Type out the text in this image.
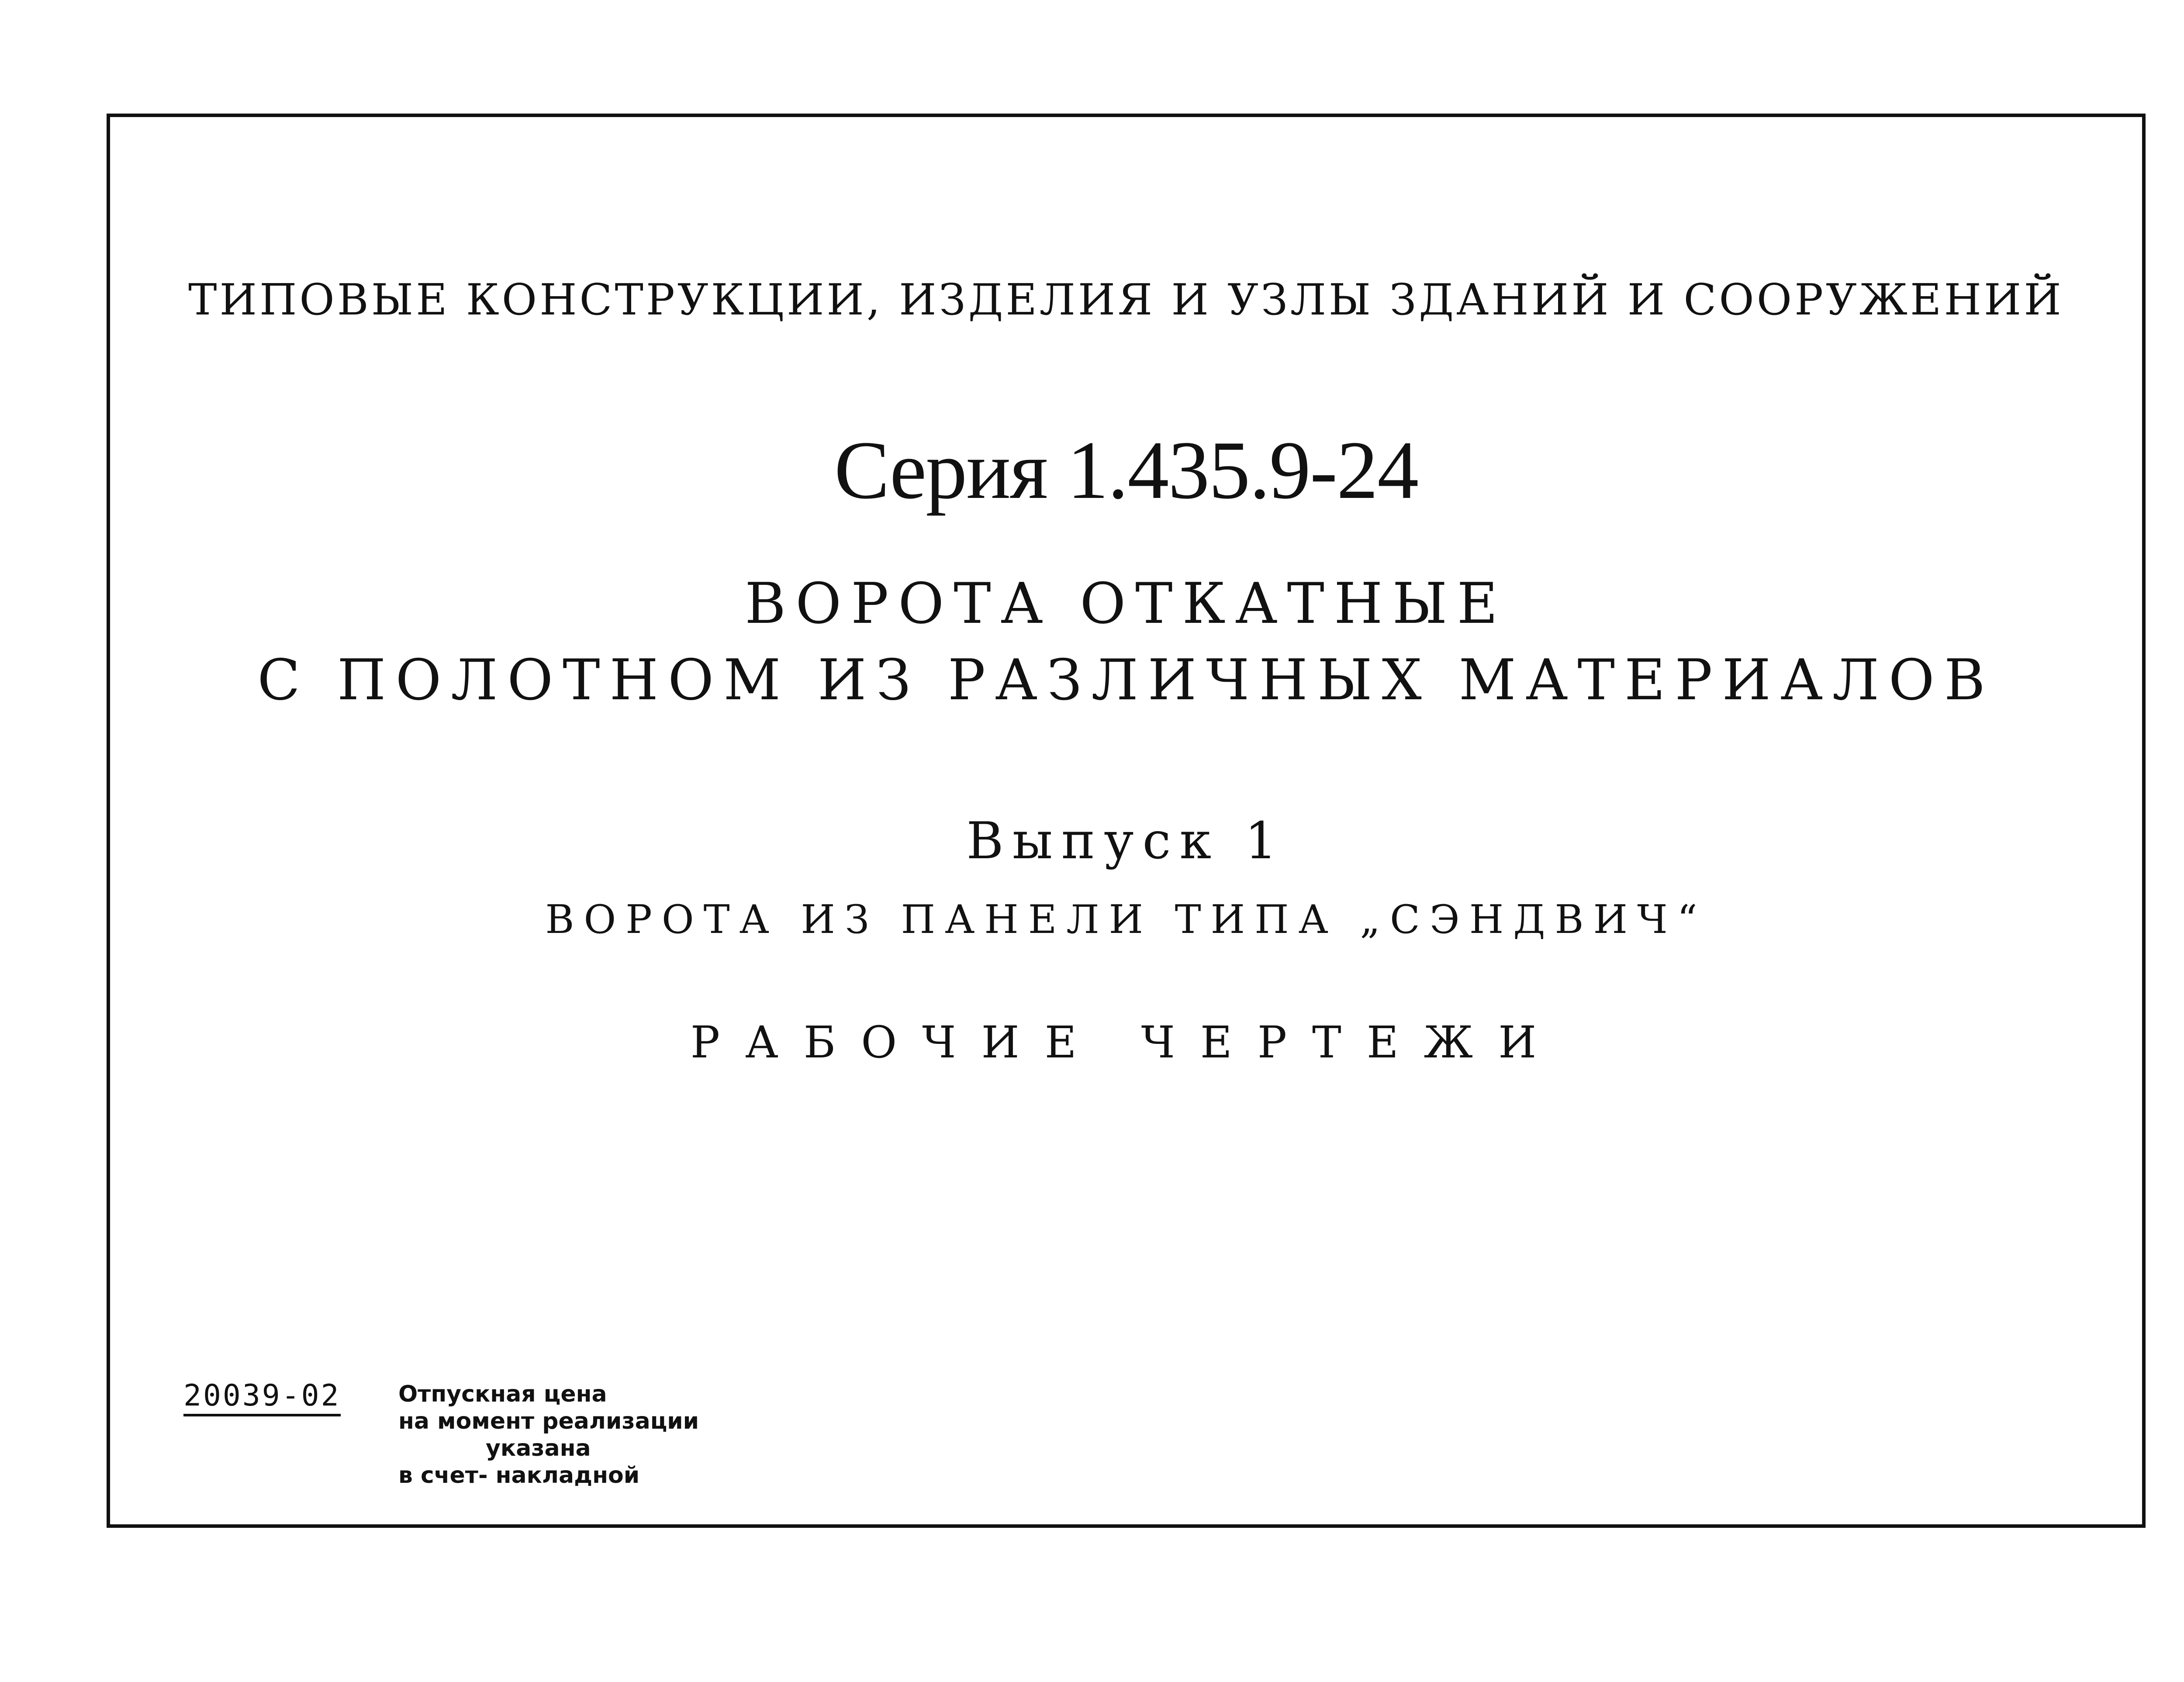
ТИПОВЫЕ КОНСТРУКЦИИ, ИЗДЕЛИЯ И УЗЛЫ ЗДАНИЙ И СООРУЖЕНИЙ
Серия 1.435.9-24
ВОРОТА ОТКАТНЫЕ
С ПОЛОТНОМ ИЗ РАЗЛИЧНЫХ МАТЕРИАЛОВ
Выпуск 1
ВОРОТА ИЗ ПАНЕЛИ ТИПА „СЭНДВИЧ“
РАБОЧИЕ ЧЕРТЕЖИ
20039-02	Отпускная цена
на момент реализации
указана
в счет- накладной
